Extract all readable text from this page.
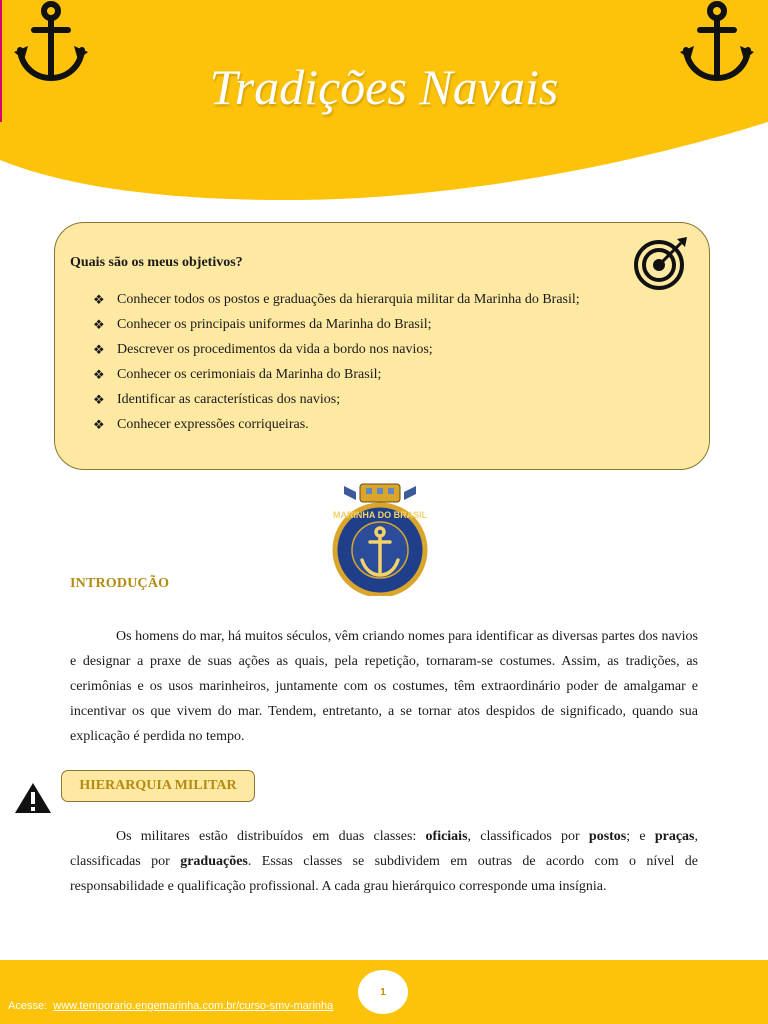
Tradições Navais
Quais são os meus objetivos?
❖ Conhecer todos os postos e graduações da hierarquia militar da Marinha do Brasil;
❖ Conhecer os principais uniformes da Marinha do Brasil;
❖ Descrever os procedimentos da vida a bordo nos navios;
❖ Conhecer os cerimoniais da Marinha do Brasil;
❖ Identificar as características dos navios;
❖ Conhecer expressões corriqueiras.
MARINHA DO BRASIL
INTRODUÇÃO

Os homens do mar, há muitos séculos, vêm criando nomes para identificar as diversas partes dos navios e designar a praxe de suas ações as quais, pela repetição, tornaram-se costumes. Assim, as tradições, as cerimônias e os usos marinheiros, juntamente com os costumes, têm extraordinário poder de amalgamar e incentivar os que vivem do mar. Tendem, entretanto, a se tornar atos despidos de significado, quando sua explicação é perdida no tempo.

HIERARQUIA MILITAR

Os militares estão distribuídos em duas classes: oficiais, classificados por postos; e praças, classificadas por graduações. Essas classes se subdividem em outras de acordo com o nível de responsabilidade e qualificação profissional. A cada grau hierárquico corresponde uma insígnia.

Acesse: www.temporario.engemarinha.com.br/curso-smv-marinha
1
